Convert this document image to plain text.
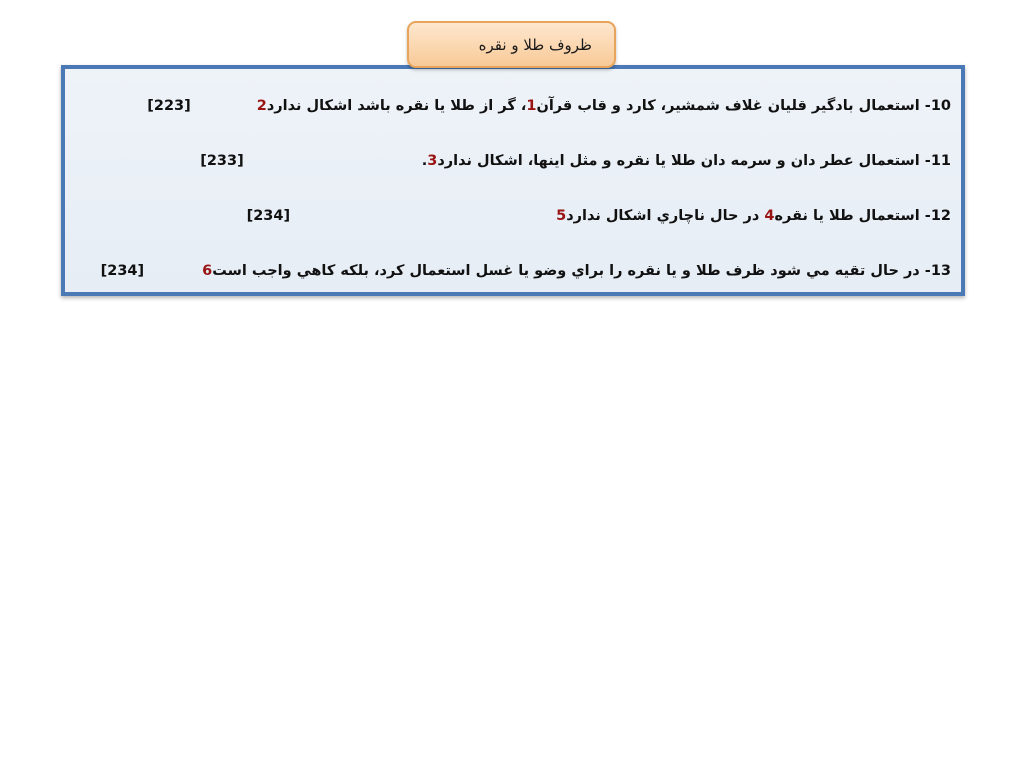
ظروف طلا و نقره
10- استعمال بادگير قليان غلاف شمشير، كارد و قاب قرآن1، گر از طلا يا نقره باشد اشكال ندارد2
[223]
11- استعمال عطر دان و سرمه دان طلا يا نقره و مثل اينها، اشكال ندارد3.
[233]
12- استعمال طلا يا نقره4 در حال ناچاري اشكال ندارد5
[234]
13- در حال تقيه مي شود ظرف طلا و يا نقره را براي وضو يا غسل استعمال كرد، بلكه كاهي واجب است6
[234]
